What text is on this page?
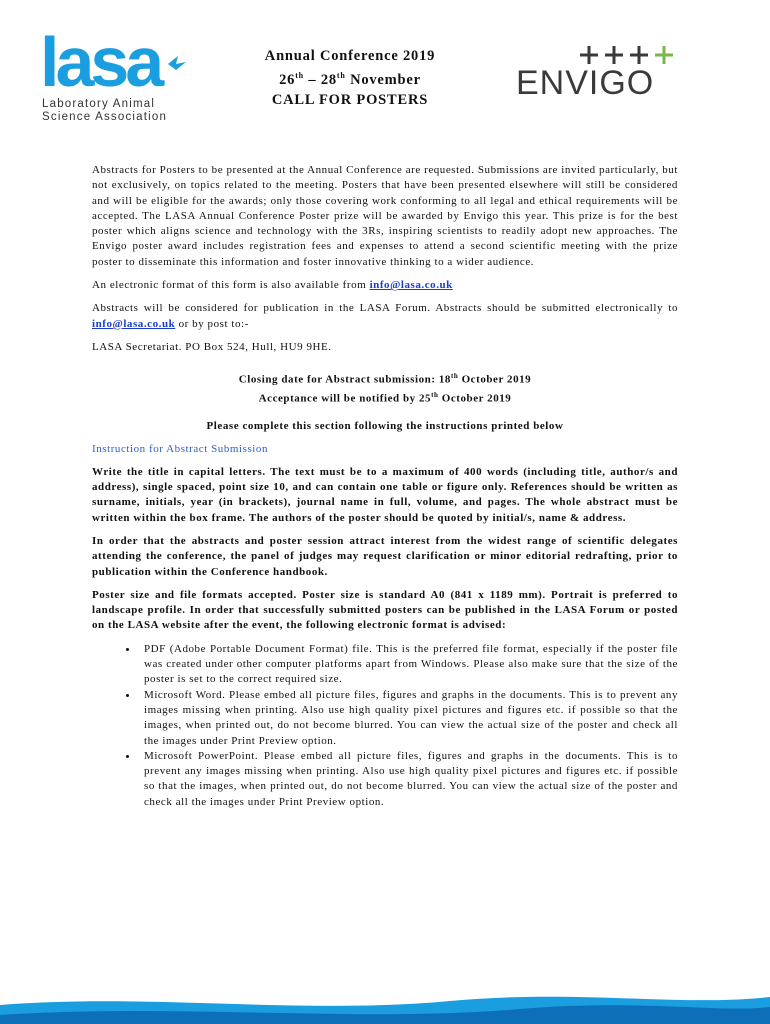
lasa
Laboratory Animal
Science Association
Annual Conference 2019
26th – 28th November
CALL FOR POSTERS	ENVIGO

Abstracts for Posters to be presented at the Annual Conference are requested. Submissions are invited particularly, but not exclusively, on topics related to the meeting. Posters that have been presented elsewhere will still be considered and will be eligible for the awards; only those covering work conforming to all legal and ethical requirements will be accepted. The LASA Annual Conference Poster prize will be awarded by Envigo this year. This prize is for the best poster which aligns science and technology with the 3Rs, inspiring scientists to readily adopt new approaches. The Envigo poster award includes registration fees and expenses to attend a second scientific meeting with the prize poster to disseminate this information and foster innovative thinking to a wider audience.

An electronic format of this form is also available from info@lasa.co.uk

Abstracts will be considered for publication in the LASA Forum. Abstracts should be submitted electronically to info@lasa.co.uk or by post to:-

LASA Secretariat. PO Box 524, Hull, HU9 9HE.

Closing date for Abstract submission: 18th October 2019

Acceptance will be notified by 25th October 2019

Please complete this section following the instructions printed below

Instruction for Abstract Submission

Write the title in capital letters. The text must be to a maximum of 400 words (including title, author/s and address), single spaced, point size 10, and can contain one table or figure only. References should be written as surname, initials, year (in brackets), journal name in full, volume, and pages. The whole abstract must be written within the box frame. The authors of the poster should be quoted by initial/s, name & address.

In order that the abstracts and poster session attract interest from the widest range of scientific delegates attending the conference, the panel of judges may request clarification or minor editorial redrafting, prior to publication within the Conference handbook.

Poster size and file formats accepted. Poster size is standard A0 (841 x 1189 mm). Portrait is preferred to landscape profile. In order that successfully submitted posters can be published in the LASA Forum or posted on the LASA website after the event, the following electronic format is advised:

• PDF (Adobe Portable Document Format) file. This is the preferred file format, especially if the poster file was created under other computer platforms apart from Windows. Please also make sure that the size of the poster is set to the correct required size.
• Microsoft Word. Please embed all picture files, figures and graphs in the documents. This is to prevent any images missing when printing. Also use high quality pixel pictures and figures etc. if possible so that the images, when printed out, do not become blurred. You can view the actual size of the poster and check all the images under Print Preview option.
• Microsoft PowerPoint. Please embed all picture files, figures and graphs in the documents. This is to prevent any images missing when printing. Also use high quality pixel pictures and figures etc. if possible so that the images, when printed out, do not become blurred. You can view the actual size of the poster and check all the images under Print Preview option.
